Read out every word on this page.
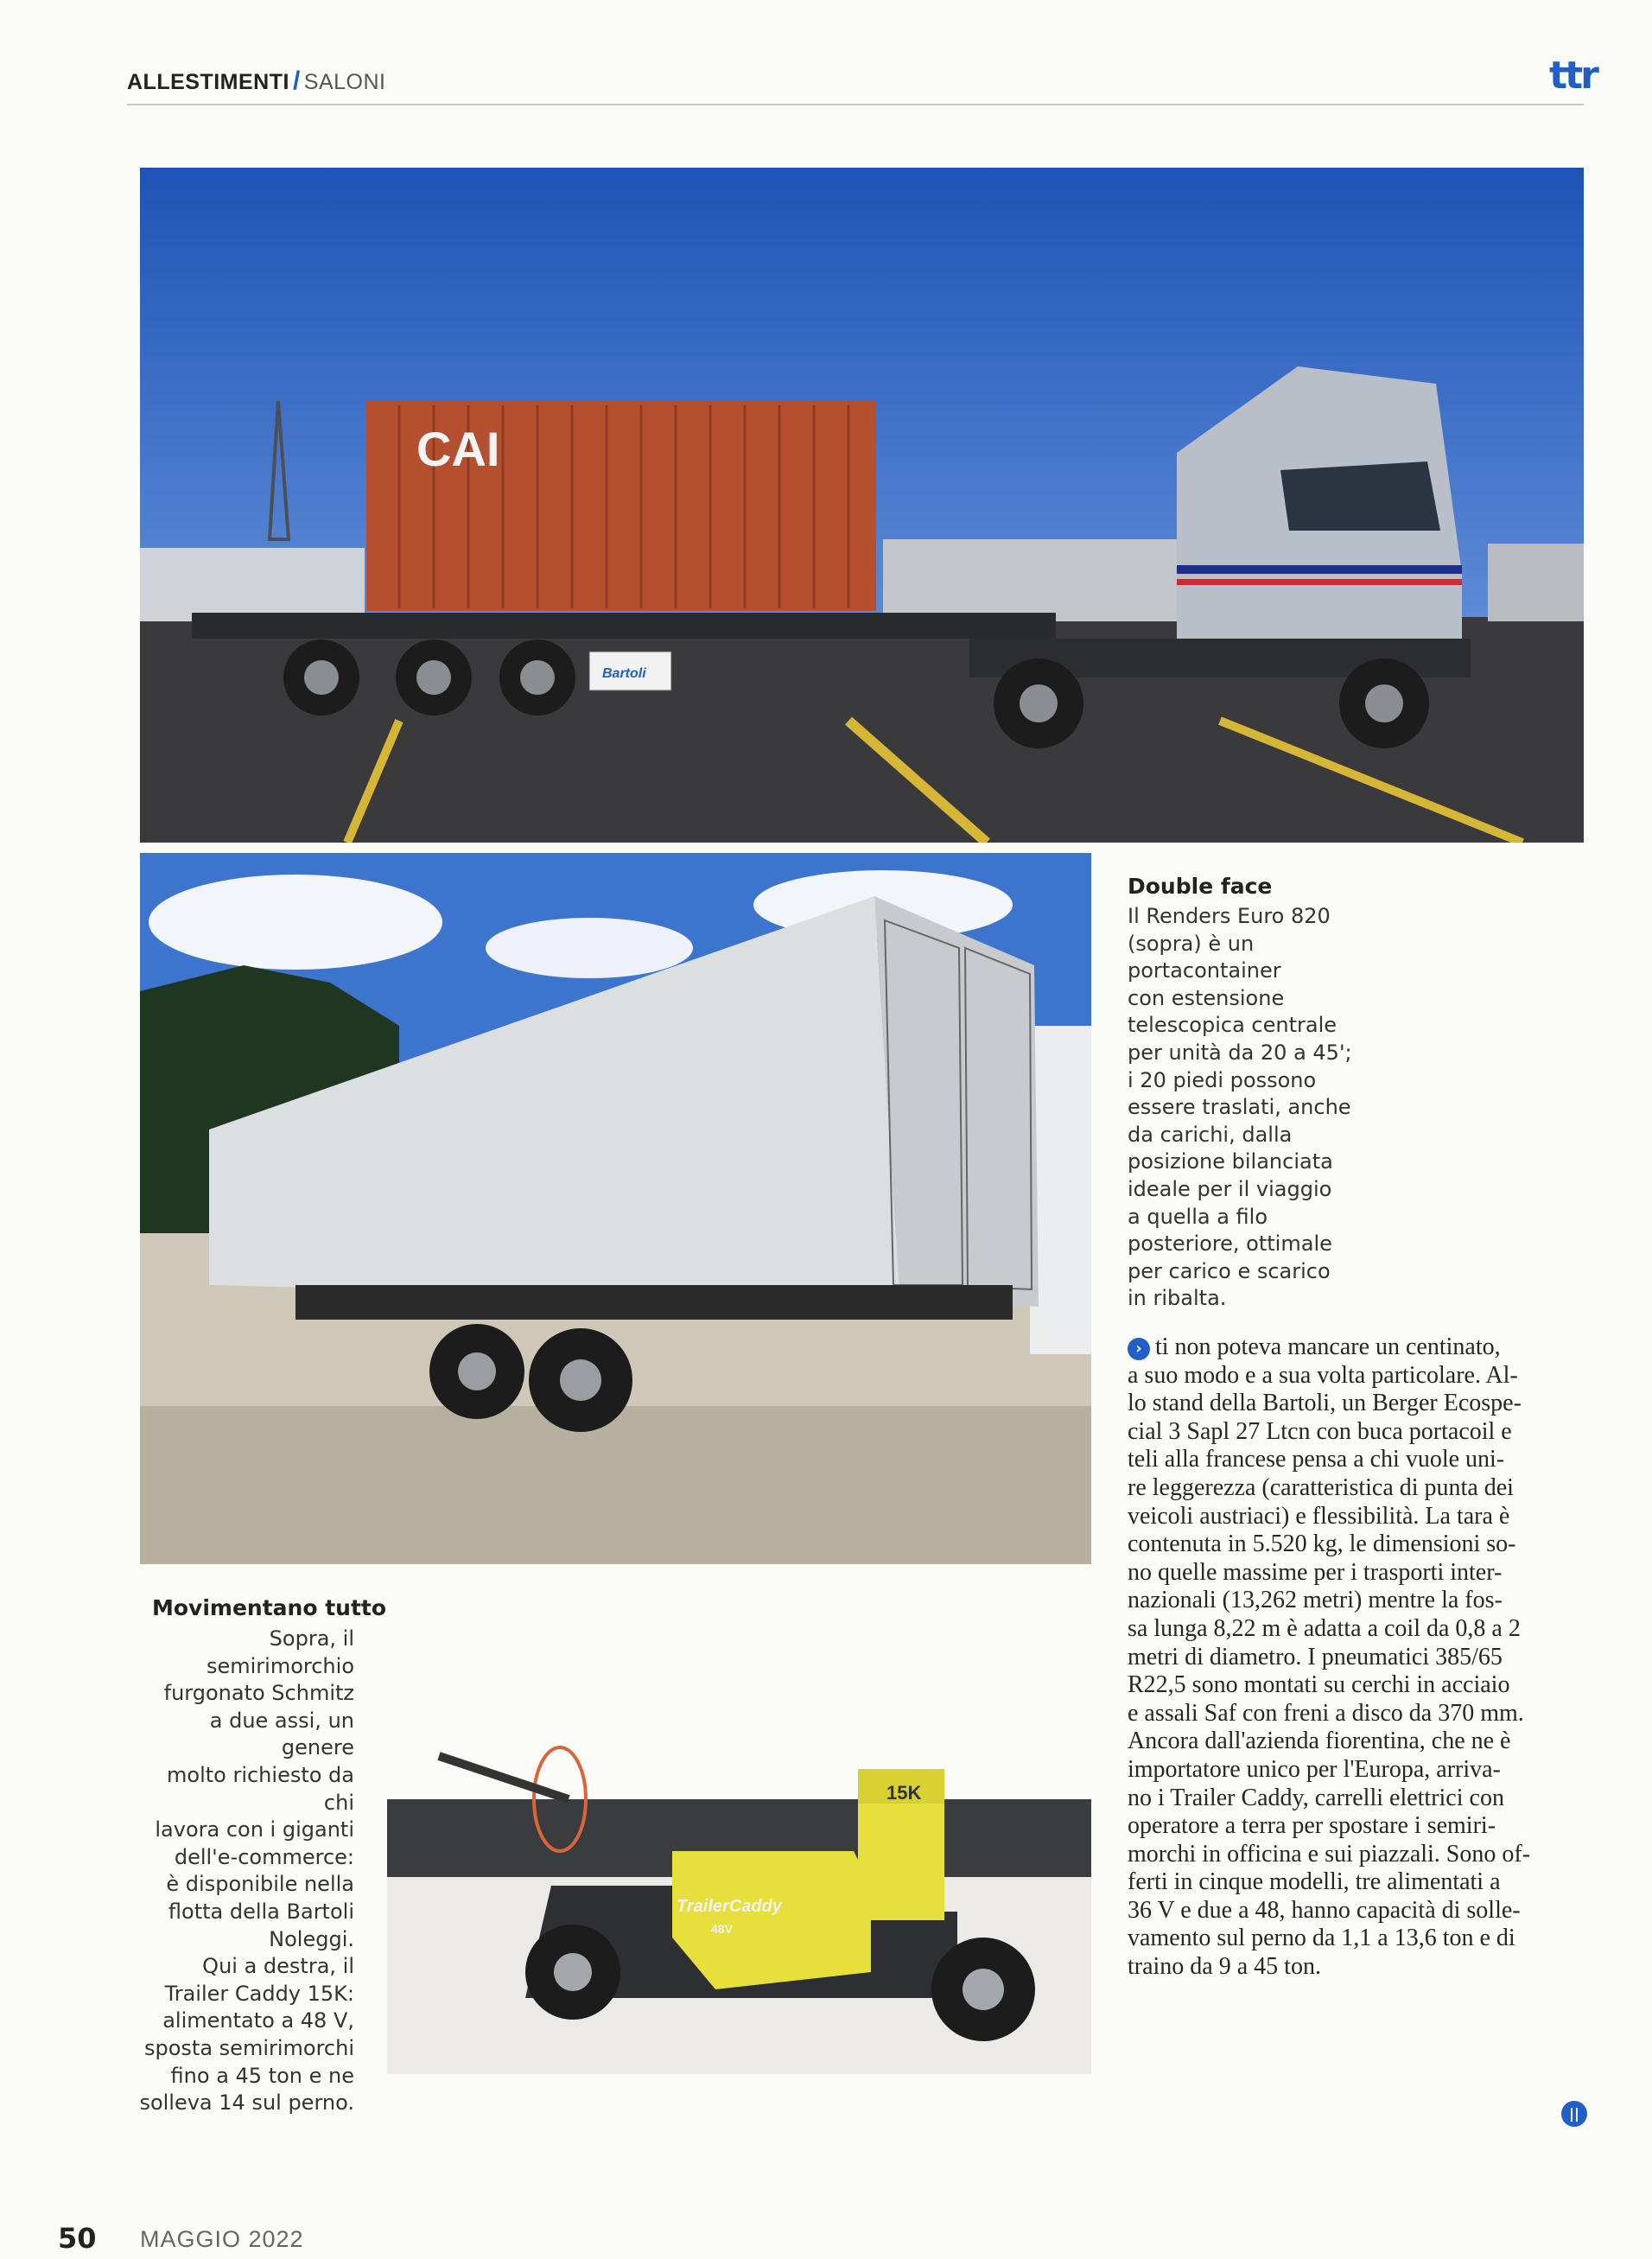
ALLESTIMENTI / SALONI	ttr
Bartoli
CAI
15K
TrailerCaddy
48V
Double face
Il Renders Euro 820
(sopra) è un
portacontainer
con estensione
telescopica centrale
per unità da 20 a 45';
i 20 piedi possono
essere traslati, anche
da carichi, dalla
posizione bilanciata
ideale per il viaggio
a quella a filo
posteriore, ottimale
per carico e scarico
in ribalta.
Movimentano tutto
Sopra, il
semirimorchio
furgonato Schmitz
a due assi, un genere
molto richiesto da chi
lavora con i giganti
dell'e-commerce:
è disponibile nella
flotta della Bartoli
Noleggi.
Qui a destra, il
Trailer Caddy 15K:
alimentato a 48 V,
sposta semirimorchi
fino a 45 ton e ne
solleva 14 sul perno.
› ti non poteva mancare un centinato,
a suo modo e a sua volta particolare. Al-
lo stand della Bartoli, un Berger Ecospe-
cial 3 Sapl 27 Ltcn con buca portacoil e
teli alla francese pensa a chi vuole uni-
re leggerezza (caratteristica di punta dei
veicoli austriaci) e flessibilità. La tara è
contenuta in 5.520 kg, le dimensioni so-
no quelle massime per i trasporti inter-
nazionali (13,262 metri) mentre la fos-
sa lunga 8,22 m è adatta a coil da 0,8 a 2
metri di diametro. I pneumatici 385/65
R22,5 sono montati su cerchi in acciaio
e assali Saf con freni a disco da 370 mm.
Ancora dall'azienda fiorentina, che ne è
importatore unico per l'Europa, arriva-
no i Trailer Caddy, carrelli elettrici con
operatore a terra per spostare i semiri-
morchi in officina e sui piazzali. Sono of-
ferti in cinque modelli, tre alimentati a
36 V e due a 48, hanno capacità di solle-
vamento sul perno da 1,1 a 13,6 ton e di
traino da 9 a 45 ton.
||
50 MAGGIO 2022
